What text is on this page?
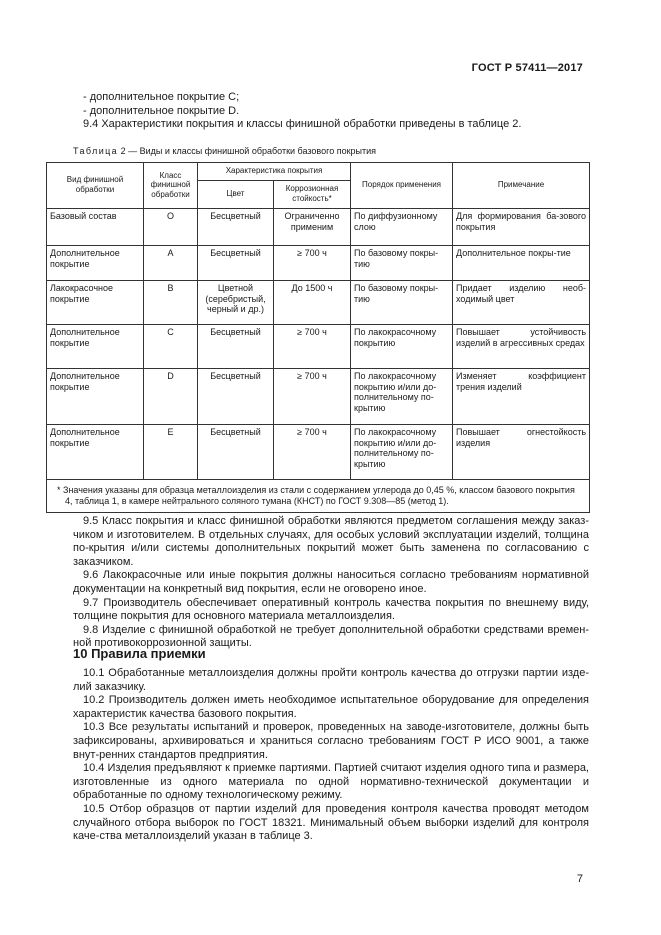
ГОСТ Р 57411—2017

- дополнительное покрытие С;

- дополнительное покрытие D.

9.4 Характеристики покрытия и классы финишной обработки приведены в таблице 2.

Таблица 2 — Виды и классы финишной обработки базового покрытия
Вид финишной обработки	Класс финишной обработки	Характеристика покрытия		Порядок применения	Примечание
		Цвет	Коррозионная стойкость*		
Базовый состав	O	Бесцветный	Ограниченно применим	По диффузионному слою	Для формирования ба-зового покрытия
Дополнительное покрытие	А	Бесцветный	≥ 700 ч	По базовому покры-тию	Дополнительное покры-тие
Лакокрасочное покрытие	В	Цветной (серебристый, черный и др.)	До 1500 ч	По базовому покры-тию	Придает изделию необ-ходимый цвет
Дополнительное покрытие	С	Бесцветный	≥ 700 ч	По лакокрасочному покрытию	Повышает устойчивость изделий в агрессивных средах
Дополнительное покрытие	D	Бесцветный	≥ 700 ч	По лакокрасочному покрытию и/или до-полнительному по-крытию	Изменяет коэффициент трения изделий
Дополнительное покрытие	Е	Бесцветный	≥ 700 ч	По лакокрасочному покрытию и/или до-полнительному по-крытию	Повышает огнестойкость изделия
* Значения указаны для образца металлоизделия из стали с содержанием углерода до 0,45 %, классом базового покрытия 4, таблица 1, в камере нейтрального соляного тумана (КНСТ) по ГОСТ 9.308—85 (метод 1).					

9.5 Класс покрытия и класс финишной обработки являются предметом соглашения между заказ-чиком и изготовителем. В отдельных случаях, для особых условий эксплуатации изделий, толщина по-крытия и/или системы дополнительных покрытий может быть заменена по согласованию с заказчиком.

9.6 Лакокрасочные или иные покрытия должны наноситься согласно требованиям нормативной документации на конкретный вид покрытия, если не оговорено иное.

9.7 Производитель обеспечивает оперативный контроль качества покрытия по внешнему виду, толщине покрытия для основного материала металлоизделия.

9.8 Изделие с финишной обработкой не требует дополнительной обработки средствами времен-ной противокоррозионной защиты.

10 Правила приемки

10.1 Обработанные металлоизделия должны пройти контроль качества до отгрузки партии изде-лий заказчику.

10.2 Производитель должен иметь необходимое испытательное оборудование для определения характеристик качества базового покрытия.

10.3 Все результаты испытаний и проверок, проведенных на заводе-изготовителе, должны быть зафиксированы, архивироваться и храниться согласно требованиям ГОСТ Р ИСО 9001, а также внут-ренних стандартов предприятия.

10.4 Изделия предъявляют к приемке партиями. Партией считают изделия одного типа и размера, изготовленные из одного материала по одной нормативно-технической документации и обработанные по одному технологическому режиму.

10.5 Отбор образцов от партии изделий для проведения контроля качества проводят методом случайного отбора выборок по ГОСТ 18321. Минимальный объем выборки изделий для контроля каче-ства металлоизделий указан в таблице 3.

7
